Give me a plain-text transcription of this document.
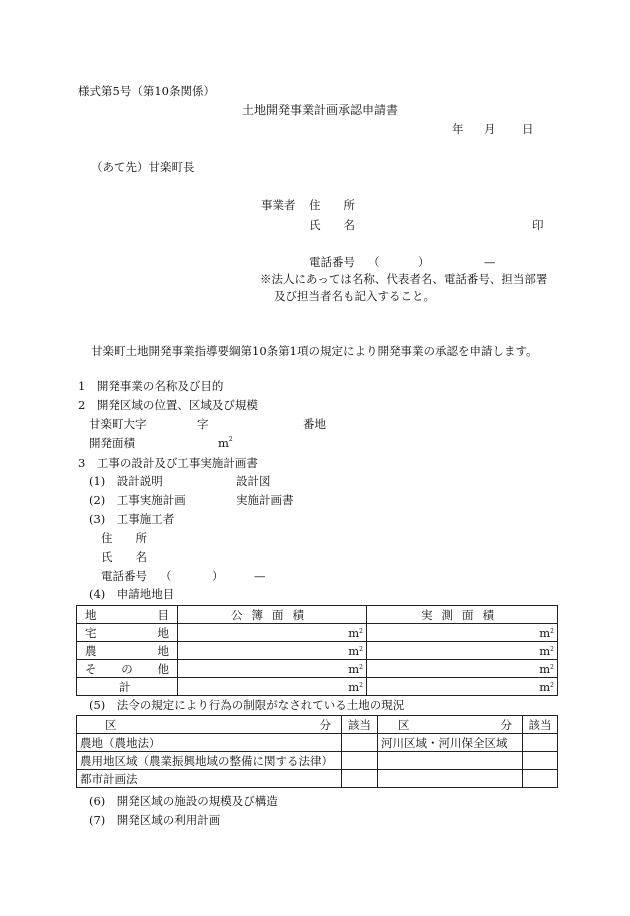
様式第5号（第10条関係）
土地開発事業計画承認申請書
年 月 日
（あて先）甘楽町長
事業者 住　　所
氏　　名	印
電話番号 （	）	—
※法人にあっては名称、代表者名、電話番号、担当部署
及び担当者名も記入すること。
甘楽町土地開発事業指導要綱第10条第1項の規定により開発事業の承認を申請します。
1　開発事業の名称及び目的
2　開発区域の位置、区域及び規模
甘楽町大字	字	番地
開発面積	$m^2$
3　工事の設計及び工事実施計画書
(1)　設計説明	設計図
(2)　工事実施計画	実施計画書
(3)　工事施工者
住　　所
氏　　名
電話番号 （	）	—
(4)　申請地地目
地 目	公簿面積	実測面積

宅 地	$m^2$	$m^2$

農 地	$m^2$	$m^2$

そ の 他	$m^2$	$m^2$
計	$m^2$	$m^2$
(5)　法令の規定により行為の制限がなされている土地の現況
区 分	該当	区 分	該当
農地（農地法）		河川区域・河川保全区域	
農用地区域（農業振興地域の整備に関する法律）			
都市計画法			
(6)　開発区域の施設の規模及び構造
(7)　開発区域の利用計画
